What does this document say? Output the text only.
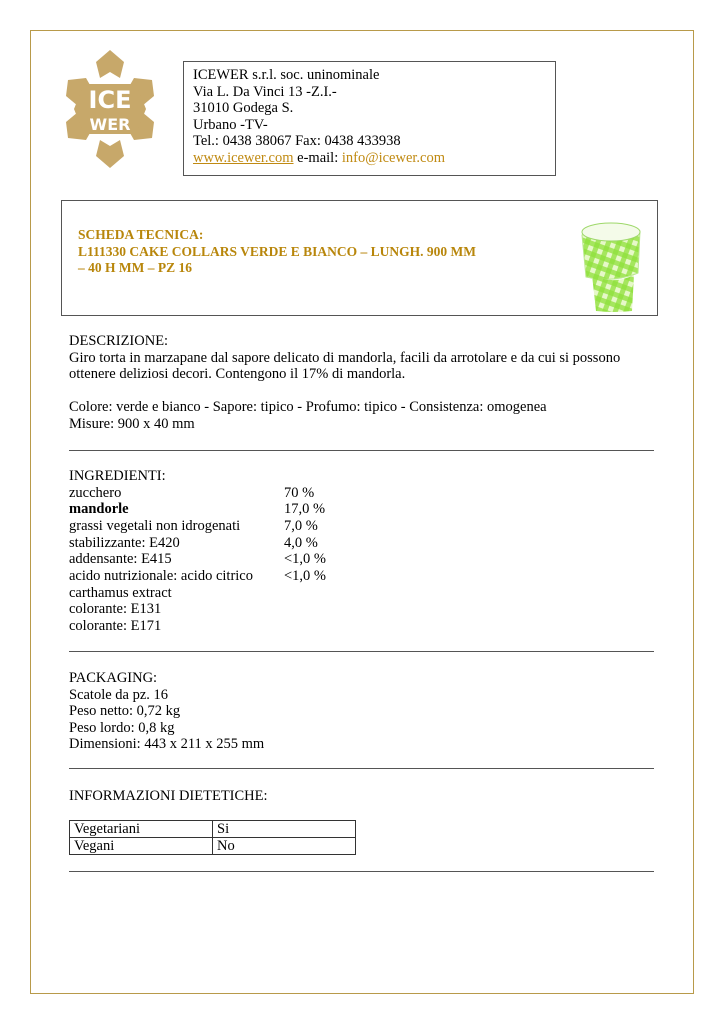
ICE
WER
ICEWER s.r.l. soc. uninominale
Via L. Da Vinci 13 -Z.I.-
31010 Godega S.
Urbano -TV-
Tel.: 0438 38067 Fax: 0438 433938
www.icewer.com e-mail: info@icewer.com
SCHEDA TECNICA:
L111330 CAKE COLLARS VERDE E BIANCO – LUNGH. 900 MM
– 40 H MM – PZ 16
DESCRIZIONE:
Giro torta in marzapane dal sapore delicato di mandorla, facili da arrotolare e da cui si possono
ottenere deliziosi decori. Contengono il 17% di mandorla.
Colore: verde e bianco - Sapore: tipico - Profumo: tipico - Consistenza: omogenea
Misure: 900 x 40 mm
INGREDIENTI:
zucchero	70 %
mandorle	17,0 %
grassi vegetali non idrogenati	7,0 %
stabilizzante: E420	4,0 %
addensante: E415	<1,0 %
acido nutrizionale: acido citrico	<1,0 %
carthamus extract
colorante: E131
colorante: E171
PACKAGING:
Scatole da pz. 16
Peso netto: 0,72 kg
Peso lordo: 0,8 kg
Dimensioni: 443 x 211 x 255 mm
INFORMAZIONI DIETETICHE:
Vegetariani	Si
Vegani	No
